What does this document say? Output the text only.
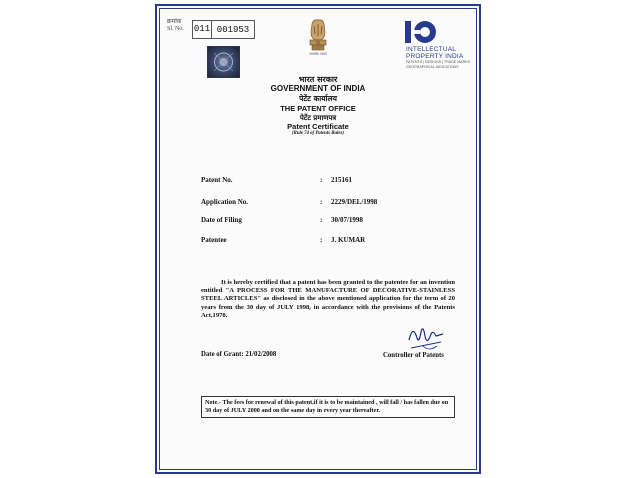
क्रमांक
Sl. No. 011 001953
सत्यमेव जयते
INTELLECTUAL
PROPERTY INDIA
PATENTS | DESIGNS | TRADE MARKS
GEOGRAPHICAL INDICATIONS
भारत सरकार
GOVERNMENT OF INDIA
पेटेंट कार्यालय
THE PATENT OFFICE
पेटेंट प्रमाणपत्र
Patent Certificate
(Rule 74 of Patents Rules)
Patent No.	: 215161
Application No.	: 2229/DEL/1998
Date of Filing	: 30/07/1998
Patentee	: J. KUMAR
It is hereby certified that a patent has been granted to the patentee for an invention entitled "A PROCESS FOR THE MANUFACTURE OF DECORATIVE-STAINLESS STEEL ARTICLES" as disclosed in the above mentioned application for the term of 20 years from the 30 day of JULY 1998, in accordance with the provisions of the Patents Act,1970.
Date of Grant: 21/02/2008	Controller of Patents
Note.- The fees for renewal of this patent,if it is to be maintained , will fall / has fallen due on 30 day of JULY 2000 and on the same day in every year thereafter.
